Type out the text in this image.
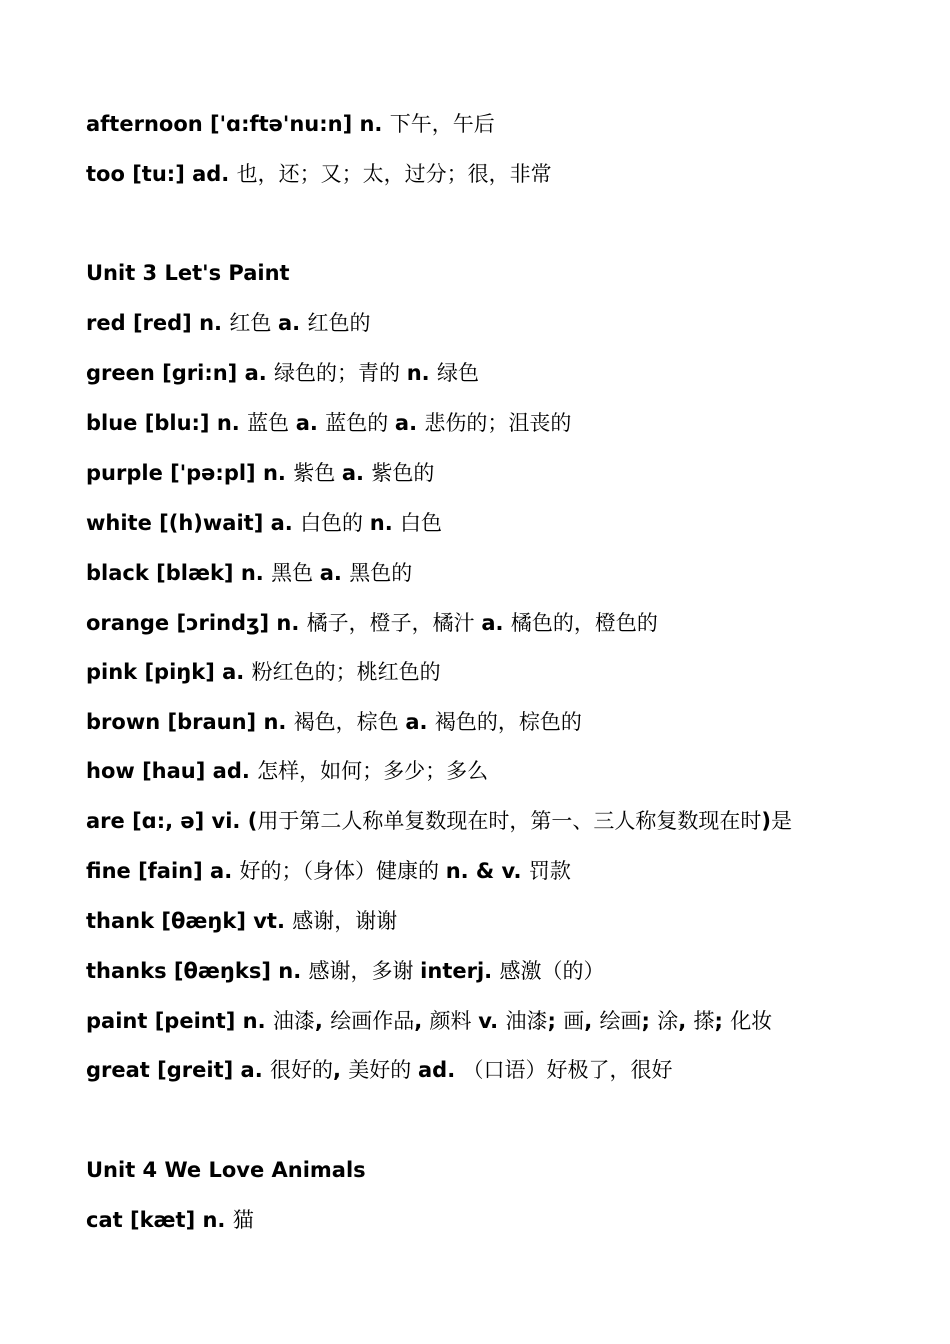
afternoon ['ɑ:ftə'nu:n] n. 下午，午后
too [tu:] ad. 也，还；又；太，过分；很，非常
Unit 3 Let's Paint
red [red] n. 红色 a. 红色的
green [gri:n] a. 绿色的；青的 n. 绿色
blue [blu:] n. 蓝色 a. 蓝色的 a. 悲伤的；沮丧的
purple ['pə:pl] n. 紫色 a. 紫色的
white [(h)wait] a. 白色的 n. 白色
black [blæk] n. 黑色 a. 黑色的
orange [ɔrindʒ] n. 橘子，橙子，橘汁 a. 橘色的，橙色的
pink [piŋk] a. 粉红色的；桃红色的
brown [braun] n. 褐色，棕色 a. 褐色的，棕色的
how [hau] ad. 怎样，如何；多少；多么
are [ɑ:, ə] vi. (用于第二人称单复数现在时，第一、三人称复数现在时)是
fine [fain] a. 好的；（身体）健康的 n. & v. 罚款
thank [θæŋk] vt. 感谢，谢谢
thanks [θæŋks] n. 感谢，多谢 interj. 感激（的）
paint [peint] n. 油漆, 绘画作品, 颜料 v. 油漆; 画, 绘画; 涂, 搽; 化妆
great [greit] a. 很好的, 美好的 ad. （口语）好极了，很好
Unit 4 We Love Animals
cat [kæt] n. 猫
